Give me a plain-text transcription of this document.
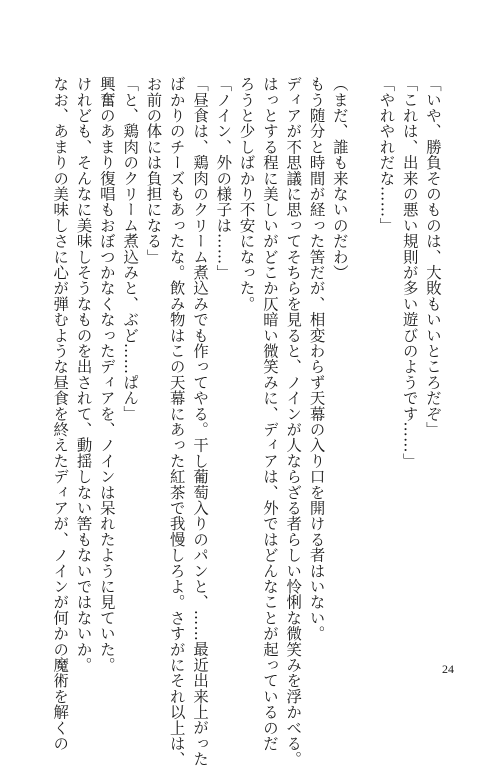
「いや、勝負そのものは、大敗もいいところだぞ」
「これは、出来の悪い規則が多い遊びのようです……」
「やれやれだな……」
（まだ、誰も来ないのだわ）
もう随分と時間が経った筈だが、相変わらず天幕の入り口を開ける者はいない。
ディアが不思議に思ってそちらを見ると、ノインが人ならざる者らしい怜悧な微笑みを浮かべる。
はっとする程に美しいがどこか仄暗い微笑みに、ディアは、外ではどんなことが起っているのだ
ろうと少しばかり不安になった。
「ノイン、外の様子は……」
「昼食は、鶏肉のクリーム煮込みでも作ってやる。干し葡萄入りのパンと、……最近出来上がった
ばかりのチーズもあったな。飲み物はこの天幕にあった紅茶で我慢しろよ。さすがにそれ以上は、
お前の体には負担になる」
「と、鶏肉のクリーム煮込みと、ぶど……ぱん」
興奮のあまり復唱もおぼつかなくなったディアを、ノインは呆れたように見ていた。
けれども、そんなに美味しそうなものを出されて、動揺しない筈もないではないか。
なお、あまりの美味しさに心が弾むような昼食を終えたディアが、ノインが何かの魔術を解くの	24
